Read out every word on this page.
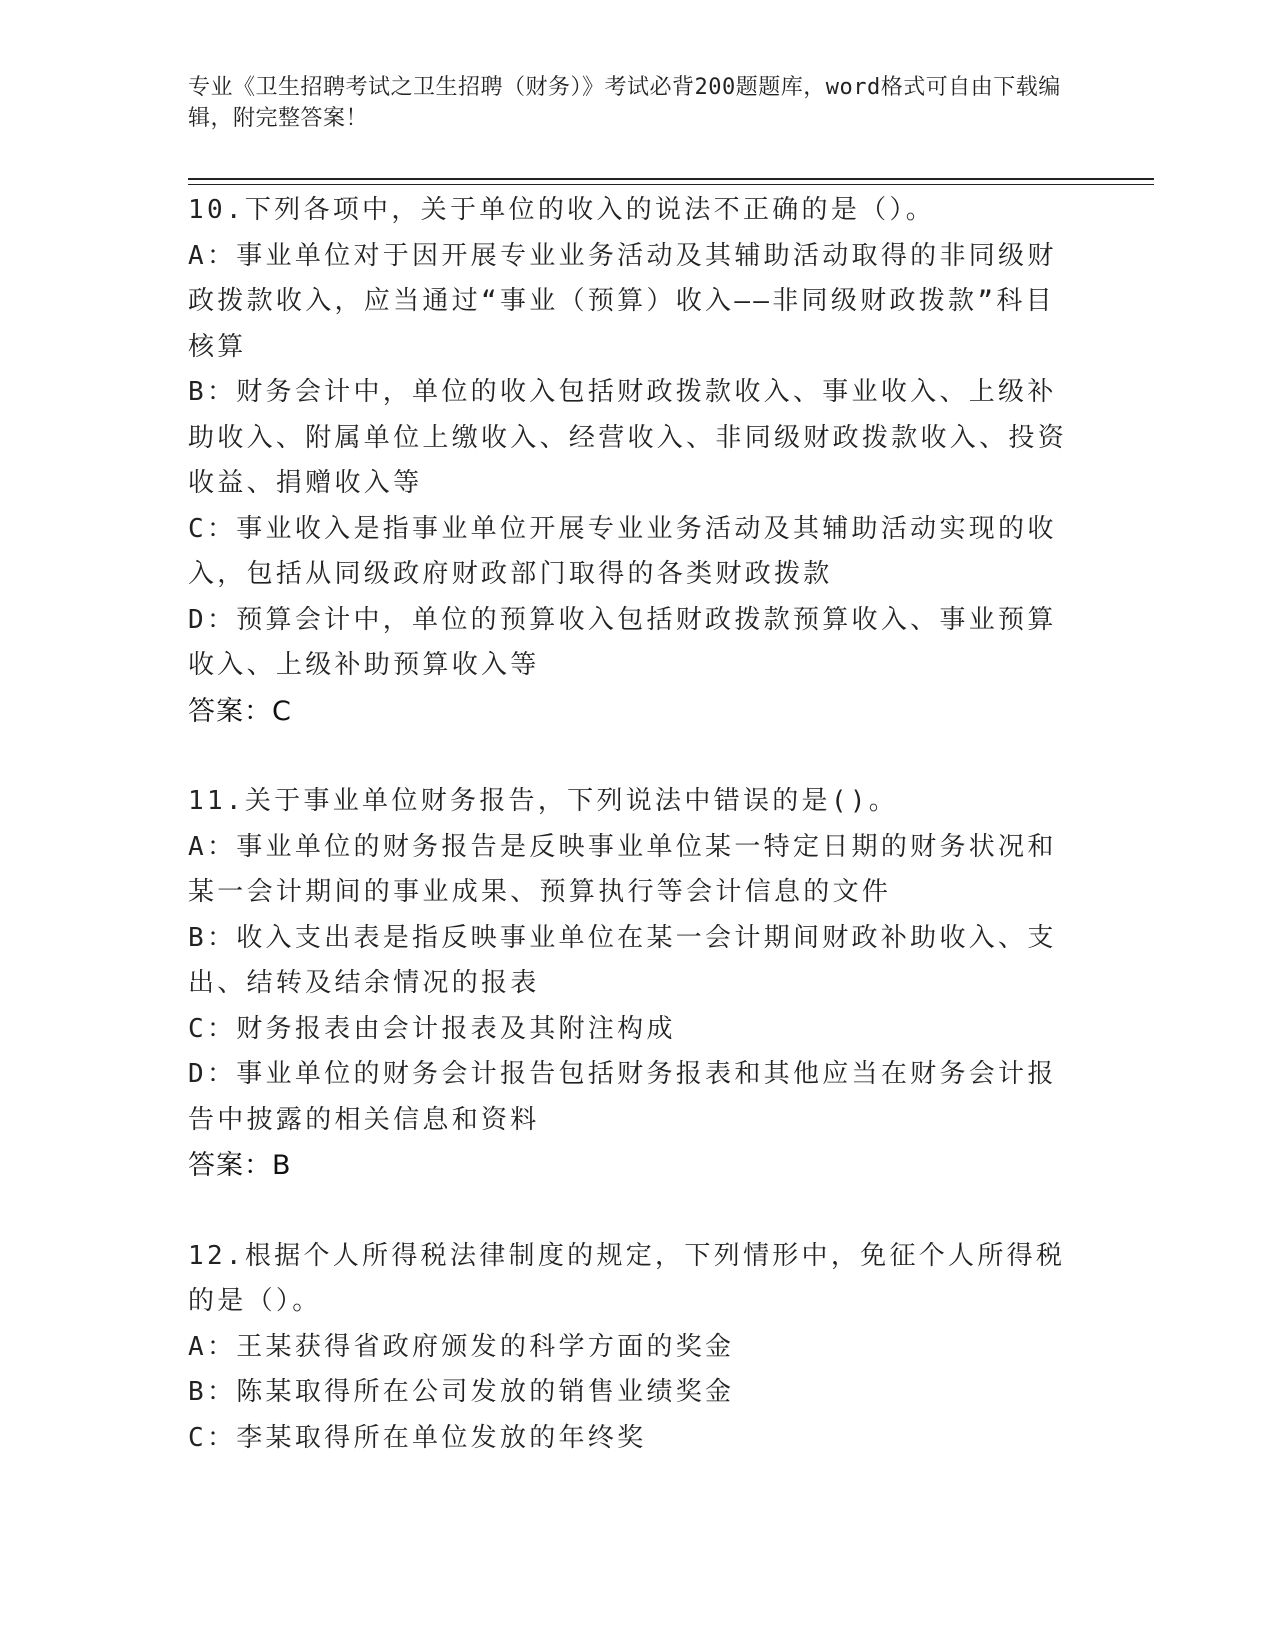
专业《卫生招聘考试之卫生招聘（财务）》考试必背200题题库，word格式可自由下载编辑，附完整答案！
10.下列各项中，关于单位的收入的说法不正确的是（）。
A：事业单位对于因开展专业业务活动及其辅助活动取得的非同级财政拨款收入，应当通过“事业（预算）收入——非同级财政拨款”科目核算
B：财务会计中，单位的收入包括财政拨款收入、事业收入、上级补助收入、附属单位上缴收入、经营收入、非同级财政拨款收入、投资收益、捐赠收入等
C：事业收入是指事业单位开展专业业务活动及其辅助活动实现的收入，包括从同级政府财政部门取得的各类财政拨款
D：预算会计中，单位的预算收入包括财政拨款预算收入、事业预算收入、上级补助预算收入等
答案：C
11.关于事业单位财务报告，下列说法中错误的是()。
A：事业单位的财务报告是反映事业单位某一特定日期的财务状况和某一会计期间的事业成果、预算执行等会计信息的文件
B：收入支出表是指反映事业单位在某一会计期间财政补助收入、支出、结转及结余情况的报表
C：财务报表由会计报表及其附注构成
D：事业单位的财务会计报告包括财务报表和其他应当在财务会计报告中披露的相关信息和资料
答案：B
12.根据个人所得税法律制度的规定，下列情形中，免征个人所得税的是（）。
A：王某获得省政府颁发的科学方面的奖金
B：陈某取得所在公司发放的销售业绩奖金
C：李某取得所在单位发放的年终奖
